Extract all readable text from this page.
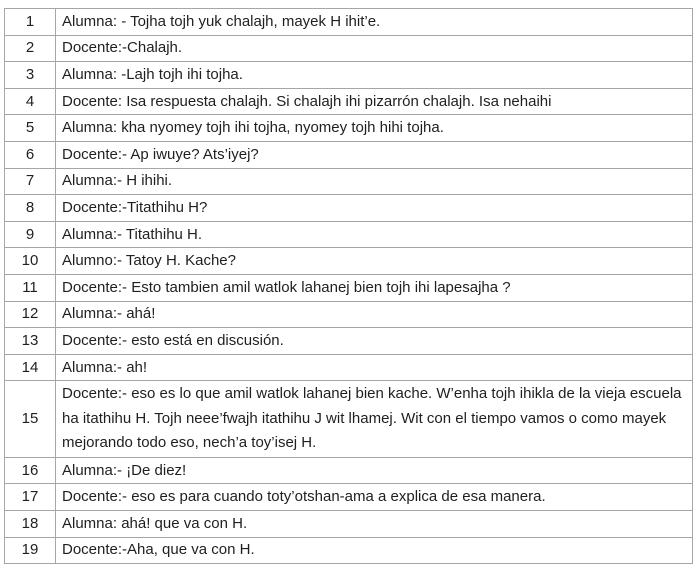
1	Alumna: - Tojha tojh yuk chalajh, mayek H ihit’e.
2	Docente:-Chalajh.
3	Alumna: -Lajh tojh ihi tojha.
4	Docente: Isa respuesta chalajh. Si chalajh ihi pizarrón chalajh. Isa nehaihi
5	Alumna: kha nyomey tojh ihi tojha, nyomey tojh hihi tojha.
6	Docente:- Ap iwuye? Ats’iyej?
7	Alumna:- H ihihi.
8	Docente:-Titathihu H?
9	Alumna:- Titathihu H.
10	Alumno:- Tatoy H. Kache?
11	Docente:- Esto tambien amil watlok lahanej bien tojh ihi lapesajha ?
12	Alumna:- ahá!
13	Docente:- esto está en discusión.
14	Alumna:- ah!
15	Docente:- eso es lo que amil watlok lahanej bien kache. W’enha tojh ihikla de la vieja escuela ha itathihu H. Tojh neee’fwajh itathihu J wit lhamej. Wit con el tiempo vamos o como mayek mejorando todo eso, nech’a toy’isej H.
16	Alumna:- ¡De diez!
17	Docente:- eso es para cuando toty’otshan-ama a explica de esa manera.
18	Alumna: ahá! que va con H.
19	Docente:-Aha, que va con H.
